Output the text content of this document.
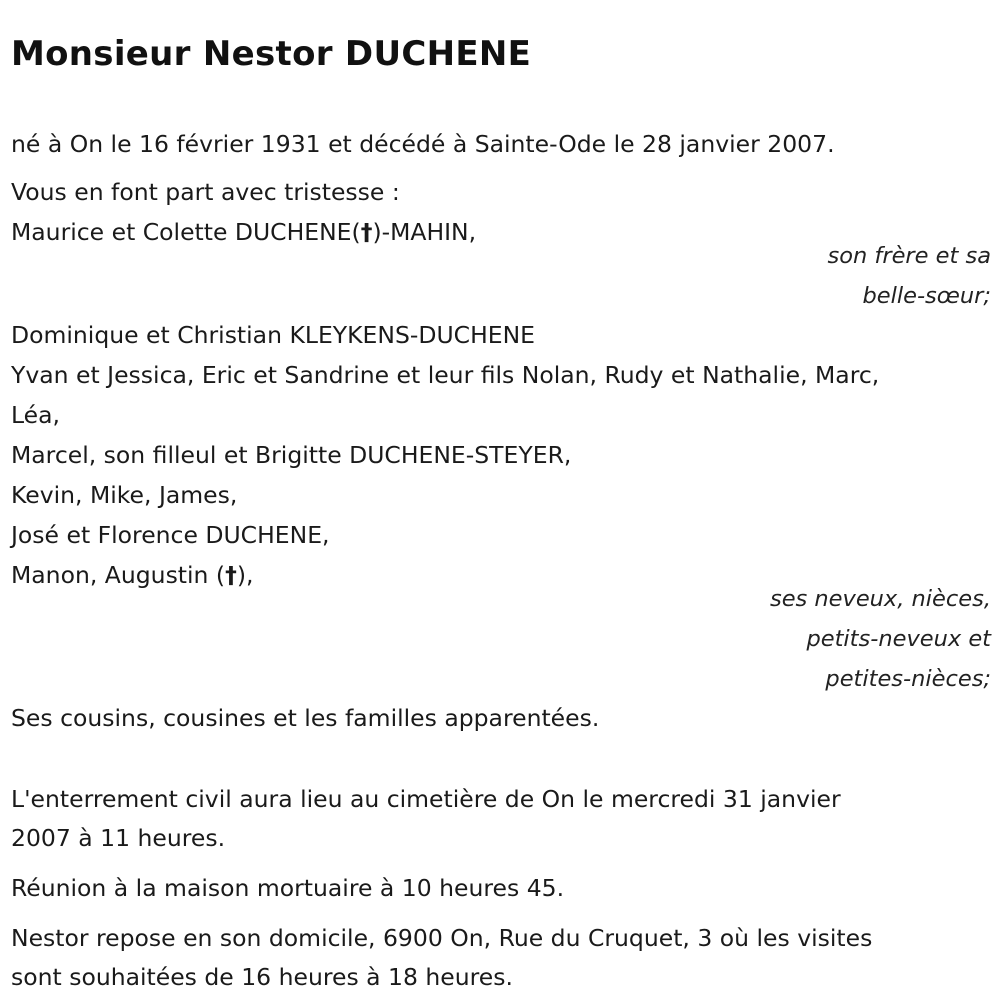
Monsieur Nestor DUCHENE
né à On le 16 février 1931 et décédé à Sainte-Ode le 28 janvier 2007.
Vous en font part avec tristesse :
Maurice et Colette DUCHENE(†)-MAHIN,
son frère et sa
belle-sœur;
Dominique et Christian KLEYKENS-DUCHENE
Yvan et Jessica, Eric et Sandrine et leur fils Nolan, Rudy et Nathalie, Marc,
Léa,
Marcel, son filleul et Brigitte DUCHENE-STEYER,
Kevin, Mike, James,
José et Florence DUCHENE,
Manon, Augustin (†),
ses neveux, nièces,
petits-neveux et
petites-nièces;
Ses cousins, cousines et les familles apparentées.
L'enterrement civil aura lieu au cimetière de On le mercredi 31 janvier
2007 à 11 heures.
Réunion à la maison mortuaire à 10 heures 45.
Nestor repose en son domicile, 6900 On, Rue du Cruquet, 3 où les visites
sont souhaitées de 16 heures à 18 heures.
